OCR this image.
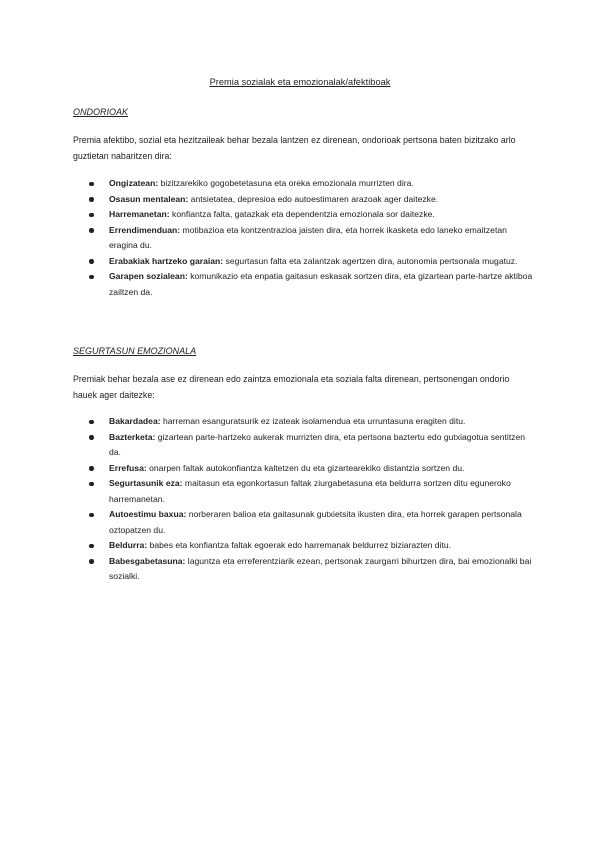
Premia sozialak eta emozionalak/afektiboak
ONDORIOAK
Premia afektibo, sozial eta hezitzaileak behar bezala lantzen ez direnean, ondorioak pertsona baten bizitzako arlo guztietan nabaritzen dira:
Ongizatean: bizitzarekiko gogobetetasuna eta oreka emozionala murrizten dira.
Osasun mentalean: antsietatea, depresioa edo autoestimaren arazoak ager daitezke.
Harremanetan: konfiantza falta, gatazkak eta dependentzia emozionala sor daitezke.
Errendimenduan: motibazioa eta kontzentrazioa jaisten dira, eta horrek ikasketa edo laneko emaitzetan eragina du.
Erabakiak hartzeko garaian: segurtasun falta eta zalantzak agertzen dira, autonomia pertsonala mugatuz.
Garapen sozialean: komunikazio eta enpatia gaitasun eskasak sortzen dira, eta gizartean parte-hartze aktiboa zailtzen da.
SEGURTASUN EMOZIONALA
Premiak behar bezala ase ez direnean edo zaintza emozionala eta soziala falta direnean, pertsonengan ondorio hauek ager daitezke:
Bakardadea: harreman esanguratsurik ez izateak isolamendua eta urruntasuna eragiten ditu.
Bazterketa: gizartean parte-hartzeko aukerak murrizten dira, eta pertsona baztertu edo gutxiagotua sentitzen da.
Errefusa: onarpen faltak autokonfiantza kaltetzen du eta gizartearekiko distantzia sortzen du.
Segurtasunik eza: maitasun eta egonkortasun faltak ziurgabetasuna eta beldurra sortzen ditu eguneroko harremanetan.
Autoestimu baxua: norberaren balioa eta gaitasunak gutxietsita ikusten dira, eta horrek garapen pertsonala oztopatzen du.
Beldurra: babes eta konfiantza faltak egoerak edo harremanak beldurrez biziarazten ditu.
Babesgabetasuna: laguntza eta erreferentziarik ezean, pertsonak zaurgarri bihurtzen dira, bai emozionalki bai sozialki.
